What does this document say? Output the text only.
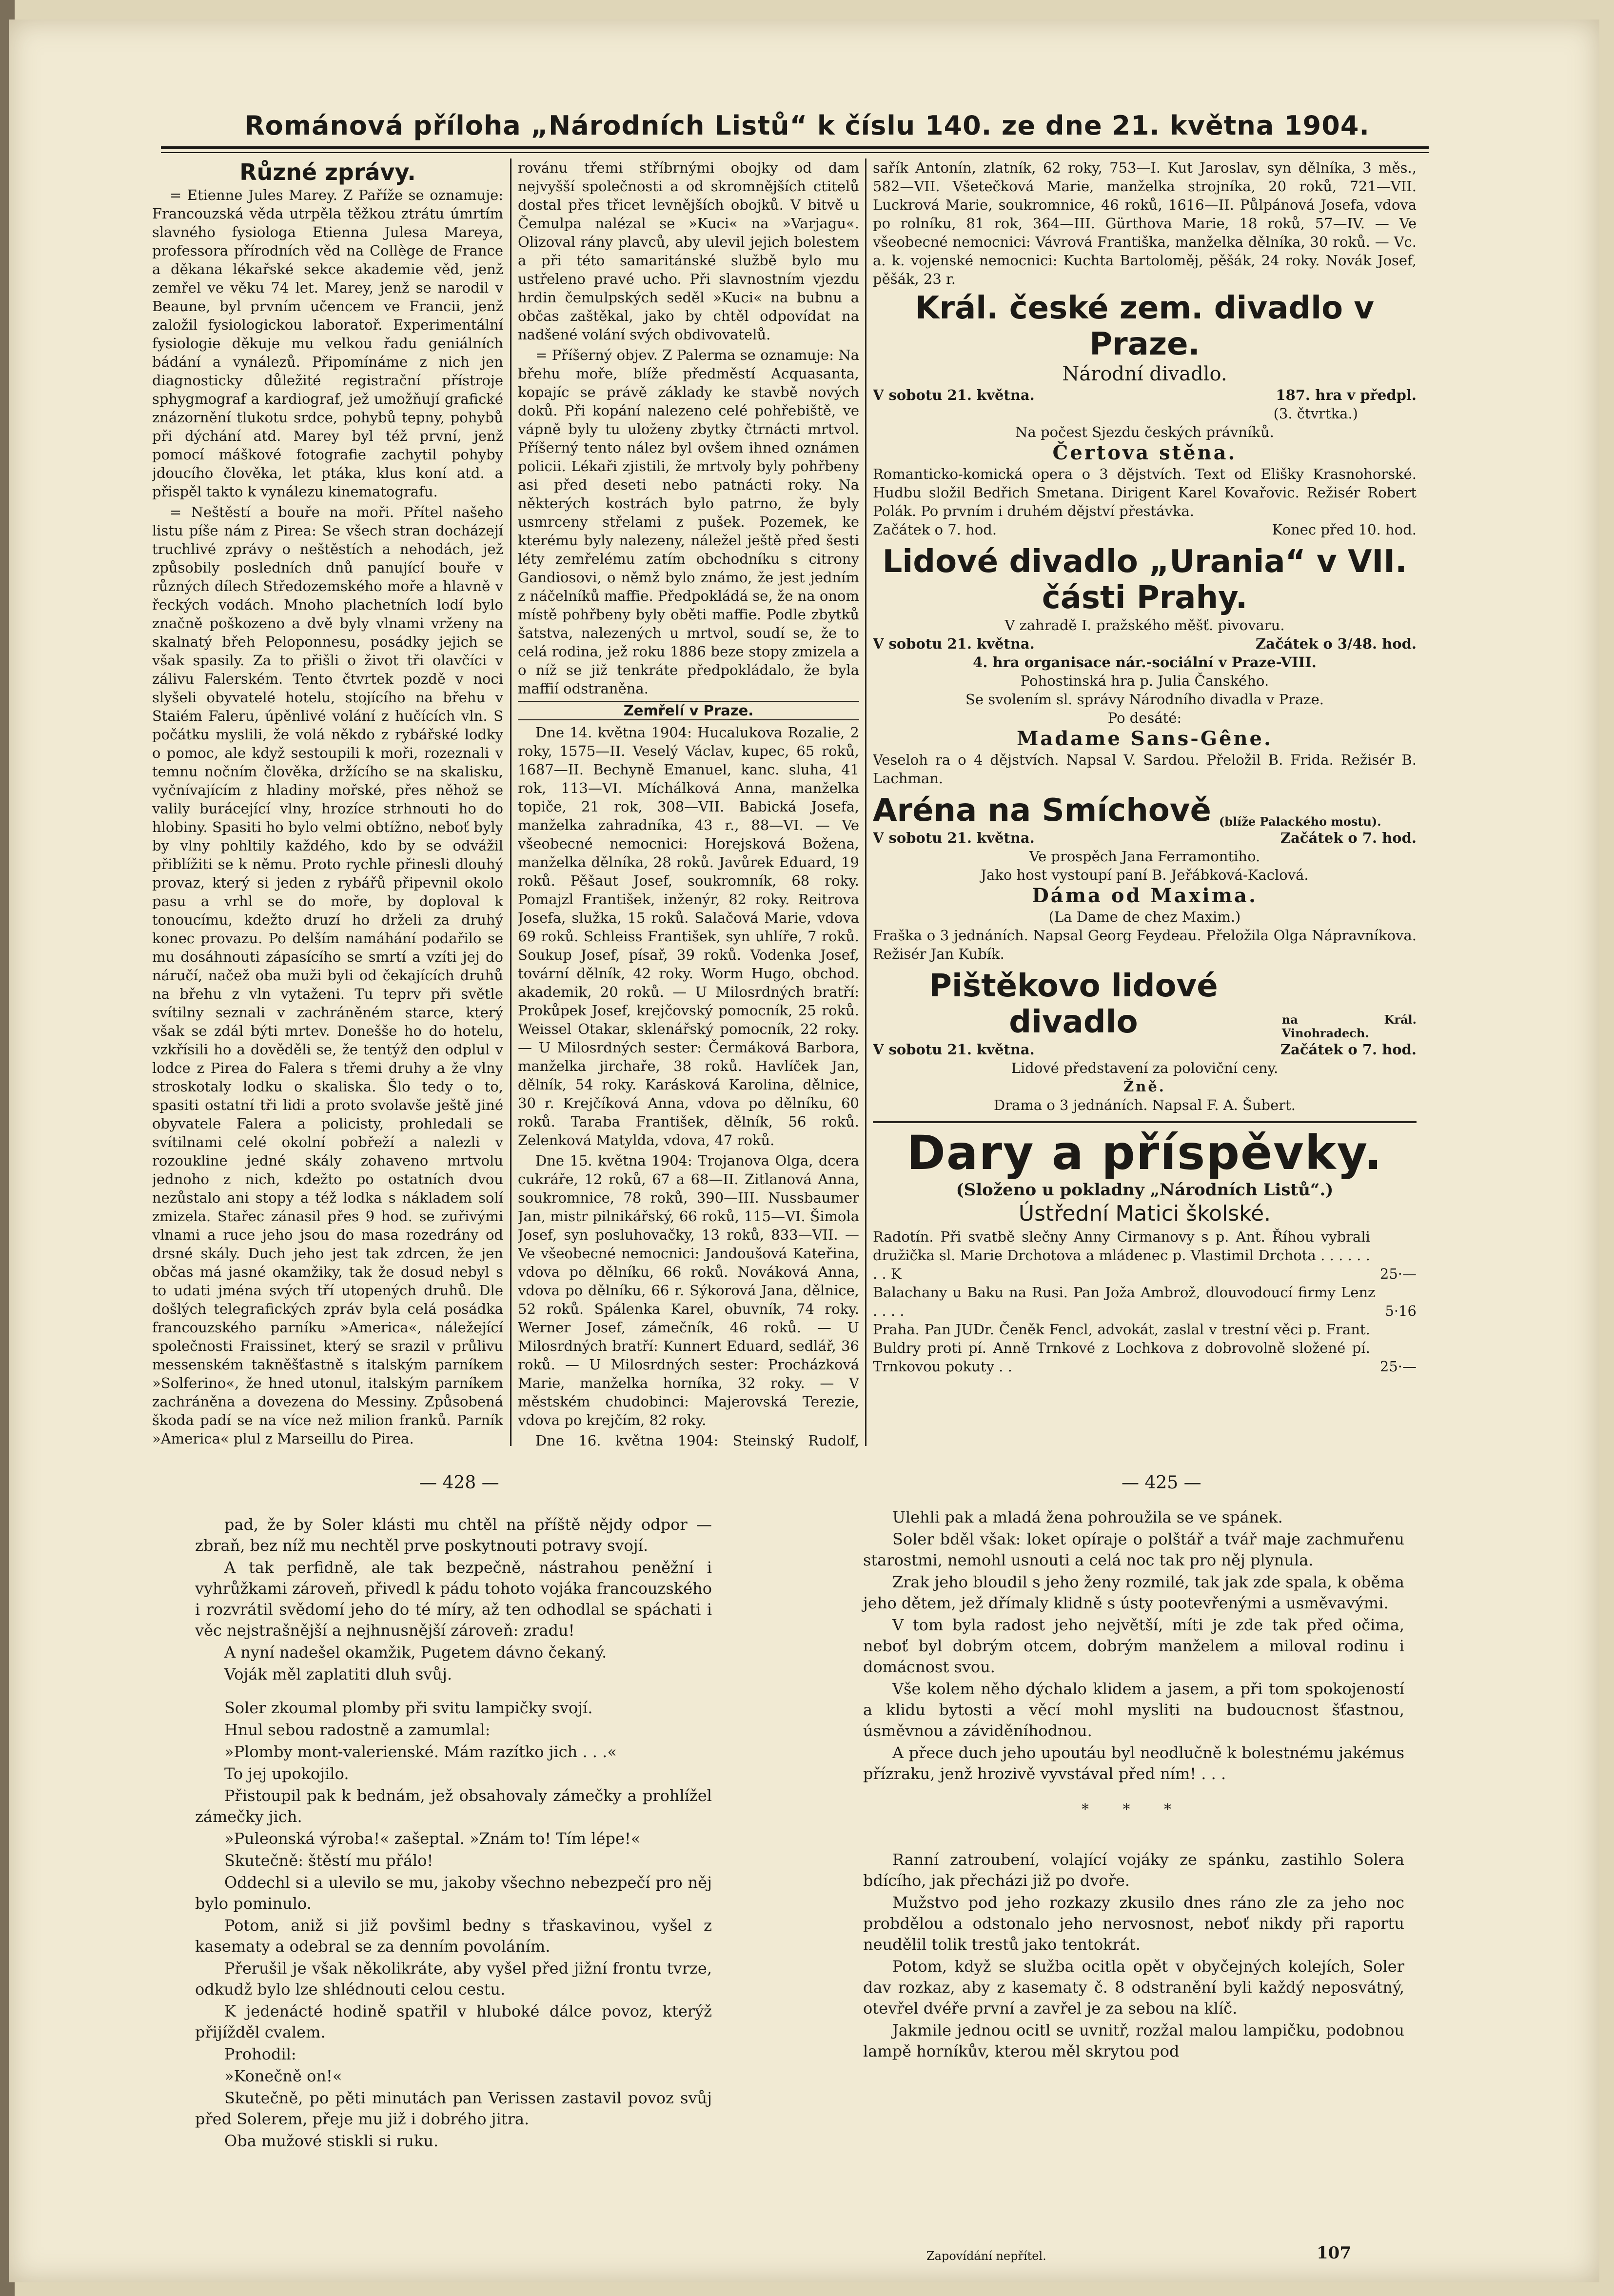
Románová příloha „Národních Listů“ k číslu 140. ze dne 21. května 1904.
Různé zprávy.

= Etienne Jules Marey. Z Paříže se oznamuje: Francouzská věda utrpěla těžkou ztrátu úmrtím slavného fysiologa Etienna Julesa Mareya, professora přírodních věd na Collège de France a děkana lékařské sekce akademie věd, jenž zemřel ve věku 74 let. Marey, jenž se narodil v Beaune, byl prvním učencem ve Francii, jenž založil fysiologickou laboratoř. Experimentální fysiologie děkuje mu velkou řadu geniálních bádání a vynálezů. Připomínáme z nich jen diagnosticky důležité registrační přístroje sphygmograf a kardiograf, jež umožňují grafické znázornění tlukotu srdce, pohybů tepny, pohybů při dýchání atd. Marey byl též první, jenž pomocí máškové fotografie zachytil pohyby jdoucího člověka, let ptáka, klus koní atd. a přispěl takto k vynálezu kinematografu.

= Neštěstí a bouře na moři. Přítel našeho listu píše nám z Pirea: Se všech stran docházejí truchlivé zprávy o neštěstích a nehodách, jež způsobily posledních dnů panující bouře v různých dílech Středozemského moře a hlavně v řeckých vodách. Mnoho plachetních lodí bylo značně poškozeno a dvě byly vlnami vrženy na skalnatý břeh Peloponnesu, posádky jejich se však spasily. Za to přišli o život tři olavčíci v zálivu Falerském. Tento čtvrtek pozdě v noci slyšeli obyvatelé hotelu, stojícího na břehu v Staiém Faleru, úpěnlivé volání z hučících vln. S počátku myslili, že volá někdo z rybářské lodky o pomoc, ale když sestoupili k moři, rozeznali v temnu nočním člověka, držícího se na skalisku, vyčnívajícím z hladiny mořské, přes něhož se valily burácející vlny, hrozíce strhnouti ho do hlobiny. Spasiti ho bylo velmi obtížno, neboť byly by vlny pohltily každého, kdo by se odvážil přiblížiti se k němu. Proto rychle přinesli dlouhý provaz, který si jeden z rybářů připevnil okolo pasu a vrhl se do moře, by doploval k tonoucímu, kdežto druzí ho drželi za druhý konec provazu. Po delším namáhání podařilo se mu dosáhnouti zápasícího se smrtí a vzíti jej do náručí, načež oba muži byli od čekajících druhů na břehu z vln vytaženi. Tu teprv při světle svítilny seznali v zachráněném starce, který však se zdál býti mrtev. Donešše ho do hotelu, vzkřísili ho a dověděli se, že tentýž den odplul v lodce z Pirea do Falera s třemi druhy a že vlny stroskotaly lodku o skaliska. Šlo tedy o to, spasiti ostatní tři lidi a proto svolavše ještě jiné obyvatele Falera a policisty, prohledali se svítilnami celé okolní pobřeží a nalezli v rozoukline jedné skály zohaveno mrtvolu jednoho z nich, kdežto po ostatních dvou nezůstalo ani stopy a též lodka s nákladem solí zmizela. Stařec zánasil přes 9 hod. se zuřivými vlnami a ruce jeho jsou do masa rozedrány od drsné skály. Duch jeho jest tak zdrcen, že jen občas má jasné okamžiky, tak že dosud nebyl s to udati jména svých tří utopených druhů. Dle došlých telegrafických zpráv byla celá posádka francouzského parníku »America«, náležející společnosti Fraissinet, který se srazil v průlivu messenském takněšťastně s italským parníkem »Solferino«, že hned utonul, italským parníkem zachráněna a dovezena do Messiny. Způsobená škoda padí se na více než milion franků. Parník »America« plul z Marseillu do Pirea.

rovánu třemi stříbrnými obojky od dam nejvyšší společnosti a od skromnějších ctitelů dostal přes třicet levnějších obojků. V bitvě u Čemulpa nalézal se »Kuci« na »Varjagu«. Olizoval rány plavců, aby ulevil jejich bolestem a při této samaritánské službě bylo mu ustřeleno pravé ucho. Při slavnostním vjezdu hrdin čemulpských seděl »Kuci« na bubnu a občas zaštěkal, jako by chtěl odpovídat na nadšené volání svých obdivovatelů.

= Příšerný objev. Z Palerma se oznamuje: Na břehu moře, blíže předměstí Acquasanta, kopajíc se právě základy ke stavbě nových doků. Při kopání nalezeno celé pohřebiště, ve vápně byly tu uloženy zbytky čtrnácti mrtvol. Příšerný tento nález byl ovšem ihned oznámen policii. Lékaři zjistili, že mrtvoly byly pohřbeny asi před deseti nebo patnácti roky. Na některých kostrách bylo patrno, že byly usmrceny střelami z pušek. Pozemek, ke kterému byly nalezeny, náležel ještě před šesti léty zemřelému zatím obchodníku s citrony Gandiosovi, o němž bylo známo, že jest jedním z náčelníků maffie. Předpokládá se, že na onom místě pohřbeny byly oběti maffie. Podle zbytků šatstva, nalezených u mrtvol, soudí se, že to celá rodina, jež roku 1886 beze stopy zmizela a o níž se již tenkráte předpokládalo, že byla maffií odstraněna.

Zemřelí v Praze.

Dne 14. května 1904: Hucalukova Rozalie, 2 roky, 1575—II. Veselý Václav, kupec, 65 roků, 1687—II. Bechyně Emanuel, kanc. sluha, 41 rok, 113—VI. Míchálková Anna, manželka topiče, 21 rok, 308—VII. Babická Josefa, manželka zahradníka, 43 r., 88—VI. — Ve všeobecné nemocnici: Horejsková Božena, manželka dělníka, 28 roků. Javůrek Eduard, 19 roků. Pěšaut Josef, soukromník, 68 roky. Pomajzl František, inženýr, 82 roky. Reitrova Josefa, služka, 15 roků. Salačová Marie, vdova 69 roků. Schleiss František, syn uhlíře, 7 roků. Soukup Josef, písař, 39 roků. Vodenka Josef, tovární dělník, 42 roky. Worm Hugo, obchod. akademik, 20 roků. — U Milosrdných bratří: Prokůpek Josef, krejčovský pomocník, 25 roků. Weissel Otakar, sklenářský pomocník, 22 roky. — U Milosrdných sester: Čermáková Barbora, manželka jirchaře, 38 roků. Havlíček Jan, dělník, 54 roky. Karásková Karolina, dělnice, 30 r. Krejčíková Anna, vdova po dělníku, 60 roků. Taraba František, dělník, 56 roků. Zelenková Matylda, vdova, 47 roků.

Dne 15. května 1904: Trojanova Olga, dcera cukráře, 12 roků, 67 a 68—II. Zitlanová Anna, soukromnice, 78 roků, 390—III. Nussbaumer Jan, mistr pilnikářský, 66 roků, 115—VI. Šimola Josef, syn posluhovačky, 13 roků, 833—VII. — Ve všeobecné nemocnici: Jandoušová Kateřina, vdova po dělníku, 66 roků. Nováková Anna, vdova po dělníku, 66 r. Sýkorová Jana, dělnice, 52 roků. Spálenka Karel, obuvník, 74 roky. Werner Josef, zámečník, 46 roků. — U Milosrdných bratří: Kunnert Eduard, sedlář, 36 roků. — U Milosrdných sester: Procházková Marie, manželka horníka, 32 roky. — V městském chudobinci: Majerovská Terezie, vdova po krejčím, 82 roky.

Dne 16. května 1904: Steinský Rudolf,

sařík Antonín, zlatník, 62 roky, 753—I. Kut Jaroslav, syn dělníka, 3 měs., 582—VII. Všetečková Marie, manželka strojníka, 20 roků, 721—VII. Luckrová Marie, soukromnice, 46 roků, 1616—II. Půlpánová Josefa, vdova po rolníku, 81 rok, 364—III. Gürthova Marie, 18 roků, 57—IV. — Ve všeobecné nemocnici: Vávrová Františka, manželka dělníka, 30 roků. — Vc. a. k. vojenské nemocnici: Kuchta Bartoloměj, pěšák, 24 roky. Novák Josef, pěšák, 23 r.

Král. české zem. divadlo v Praze.
Národní divadlo.
V sobotu 21. května.	187. hra v předpl.
(3. čtvrtka.)
Na počest Sjezdu českých právníků.
Čertova stěna.
Romanticko-komická opera o 3 dějstvích. Text od Elišky Krasnohorské. Hudbu složil Bedřich Smetana. Dirigent Karel Kovařovic. Režisér Robert Polák. Po prvním i druhém dějství přestávka.
Začátek o 7. hod.	Konec před 10. hod.
Lidové divadlo „Urania“ v VII. části Prahy.
V zahradě I. pražského měšť. pivovaru.
V sobotu 21. května.	Začátek o 3/48. hod.
4. hra organisace nár.-sociální v Praze-VIII.
Pohostinská hra p. Julia Čanského.
Se svolením sl. správy Národního divadla v Praze.
Po desáté:
Madame Sans-Gêne.
Veseloh ra o 4 dějstvích. Napsal V. Sardou. Přeložil B. Frida. Režisér B. Lachman.
Aréna na Smíchově (blíže Palackého mostu).
V sobotu 21. května.	Začátek o 7. hod.
Ve prospěch Jana Ferramontiho.
Jako host vystoupí paní B. Jeřábková-Kaclová.
Dáma od Maxima.
(La Dame de chez Maxim.)
Fraška o 3 jednáních. Napsal Georg Feydeau. Přeložila Olga Nápravníkova. Režisér Jan Kubík.
Pištěkovo lidové divadlo	na Král. Vinohradech.
V sobotu 21. května.	Začátek o 7. hod.
Lidové představení za poloviční ceny.
Žně.
Drama o 3 jednáních. Napsal F. A. Šubert.
Dary a příspěvky.
(Složeno u pokladny „Národních Listů“.)
Ústřední Matici školské.
Radotín. Při svatbě slečny Anny Cirmanovy s p. Ant. Říhou vybrali družička sl. Marie Drchotova a mládenec p. Vlastimil Drchota . . . . . . . . K	25·—
Balachany u Baku na Rusi. Pan Joža Ambrož, dlouvodoucí firmy Lenz . . . .	5·16
Praha. Pan JUDr. Čeněk Fencl, advokát, zaslal v trestní věci p. Frant. Buldry proti pí. Anně Trnkové z Lochkova z dobrovolně složené pí. Trnkovou pokuty . .	25·—
— 428 —	— 425 —

pad, že by Soler klásti mu chtěl na příště nějdy odpor — zbraň, bez níž mu nechtěl prve poskytnouti potravy svojí.

A tak perfidně, ale tak bezpečně, nástrahou peněžní i vyhrůžkami zároveň, přivedl k pádu tohoto vojáka francouzského i rozvrátil svědomí jeho do té míry, až ten odhodlal se spáchati i věc nejstrašnější a nejhnusnější zároveň: zradu!

A nyní nadešel okamžik, Pugetem dávno čekaný.

Voják měl zaplatiti dluh svůj.

Soler zkoumal plomby při svitu lampičky svojí.

Hnul sebou radostně a zamumlal:

»Plomby mont-valerienské. Mám razítko jich . . .«

To jej upokojilo.

Přistoupil pak k bednám, jež obsahovaly zámečky a prohlížel zámečky jich.

»Puleonská výroba!« zašeptal. »Znám to! Tím lépe!«

Skutečně: štěstí mu přálo!

Oddechl si a ulevilo se mu, jakoby všechno nebezpečí pro něj bylo pominulo.

Potom, aniž si již povšiml bedny s třaskavinou, vyšel z kasematy a odebral se za denním povoláním.

Přerušil je však několikráte, aby vyšel před jižní frontu tvrze, odkudž bylo lze shlédnouti celou cestu.

K jedenácté hodině spatřil v hluboké dálce povoz, kterýž přijížděl cvalem.

Prohodil:

»Konečně on!«

Skutečně, po pěti minutách pan Verissen zastavil povoz svůj před Solerem, přeje mu již i dobrého jitra.

Oba mužové stiskli si ruku.

Ulehli pak a mladá žena pohroužila se ve spánek.

Soler bděl však: loket opíraje o polštář a tvář maje zachmuřenu starostmi, nemohl usnouti a celá noc tak pro něj plynula.

Zrak jeho bloudil s jeho ženy rozmilé, tak jak zde spala, k oběma jeho dětem, jež dřímaly klidně s ústy pootevřenými a usměvavými.

V tom byla radost jeho největší, míti je zde tak před očima, neboť byl dobrým otcem, dobrým manželem a miloval rodinu i domácnost svou.

Vše kolem něho dýchalo klidem a jasem, a při tom spokojeností a klidu bytosti a věcí mohl mysliti na budoucnost šťastnou, úsměvnou a záviděníhodnou.

A přece duch jeho upoutáu byl neodlučně k bolestnému jakémus přízraku, jenž hrozivě vyvstával před ním! . . .

* * *

Ranní zatroubení, volající vojáky ze spánku, zastihlo Solera bdícího, jak přecházi již po dvoře.

Mužstvo pod jeho rozkazy zkusilo dnes ráno zle za jeho noc probdělou a odstonalo jeho nervosnost, neboť nikdy při raportu neudělil tolik trestů jako tentokrát.

Potom, když se služba ocitla opět v obyčejných kolejích, Soler dav rozkaz, aby z kasematy č. 8 odstranění byli každý neposvátný, otevřel dvéře první a zavřel je za sebou na klíč.

Jakmile jednou ocitl se uvnitř, rozžal malou lampičku, podobnou lampě horníkův, kterou měl skrytou pod

Zapovídání nepřítel.	107
